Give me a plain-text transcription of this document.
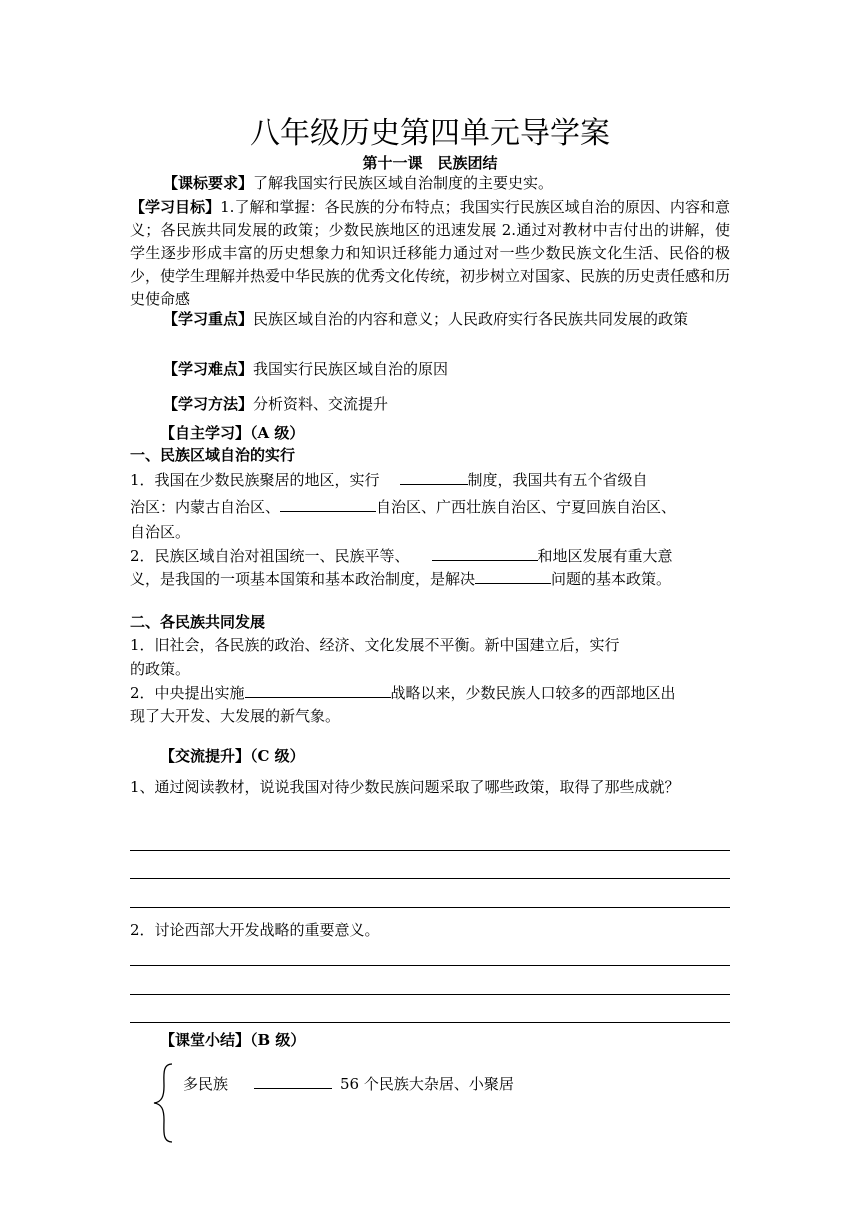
八年级历史第四单元导学案
第十一课　民族团结
【课标要求】了解我国实行民族区域自治制度的主要史实。
【学习目标】1.了解和掌握：各民族的分布特点；我国实行民族区域自治的原因、内容和意义；各民族共同发展的政策；少数民族地区的迅速发展 2.通过对教材中吉付出的讲解，使学生逐步形成丰富的历史想象力和知识迁移能力通过对一些少数民族文化生活、民俗的极少，使学生理解并热爱中华民族的优秀文化传统，初步树立对国家、民族的历史责任感和历史使命感
【学习重点】民族区域自治的内容和意义；人民政府实行各民族共同发展的政策
【学习难点】我国实行民族区域自治的原因
【学习方法】分析资料、交流提升
【自主学习】（A 级）
一、民族区域自治的实行
1．我国在少数民族聚居的地区，实行	制度，我国共有五个省级自
治区：内蒙古自治区、	自治区、广西壮族自治区、宁夏回族自治区、
自治区。
2．民族区域自治对祖国统一、民族平等、	和地区发展有重大意
义，是我国的一项基本国策和基本政治制度，是解决	问题的基本政策。
二、各民族共同发展
1．旧社会，各民族的政治、经济、文化发展不平衡。新中国建立后，实行
的政策。
2．中央提出实施	战略以来，少数民族人口较多的西部地区出
现了大开发、大发展的新气象。
【交流提升】（C 级）
1、通过阅读教材，说说我国对待少数民族问题采取了哪些政策，取得了那些成就？
2．讨论西部大开发战略的重要意义。
【课堂小结】（B 级）
多民族	56 个民族大杂居、小聚居
